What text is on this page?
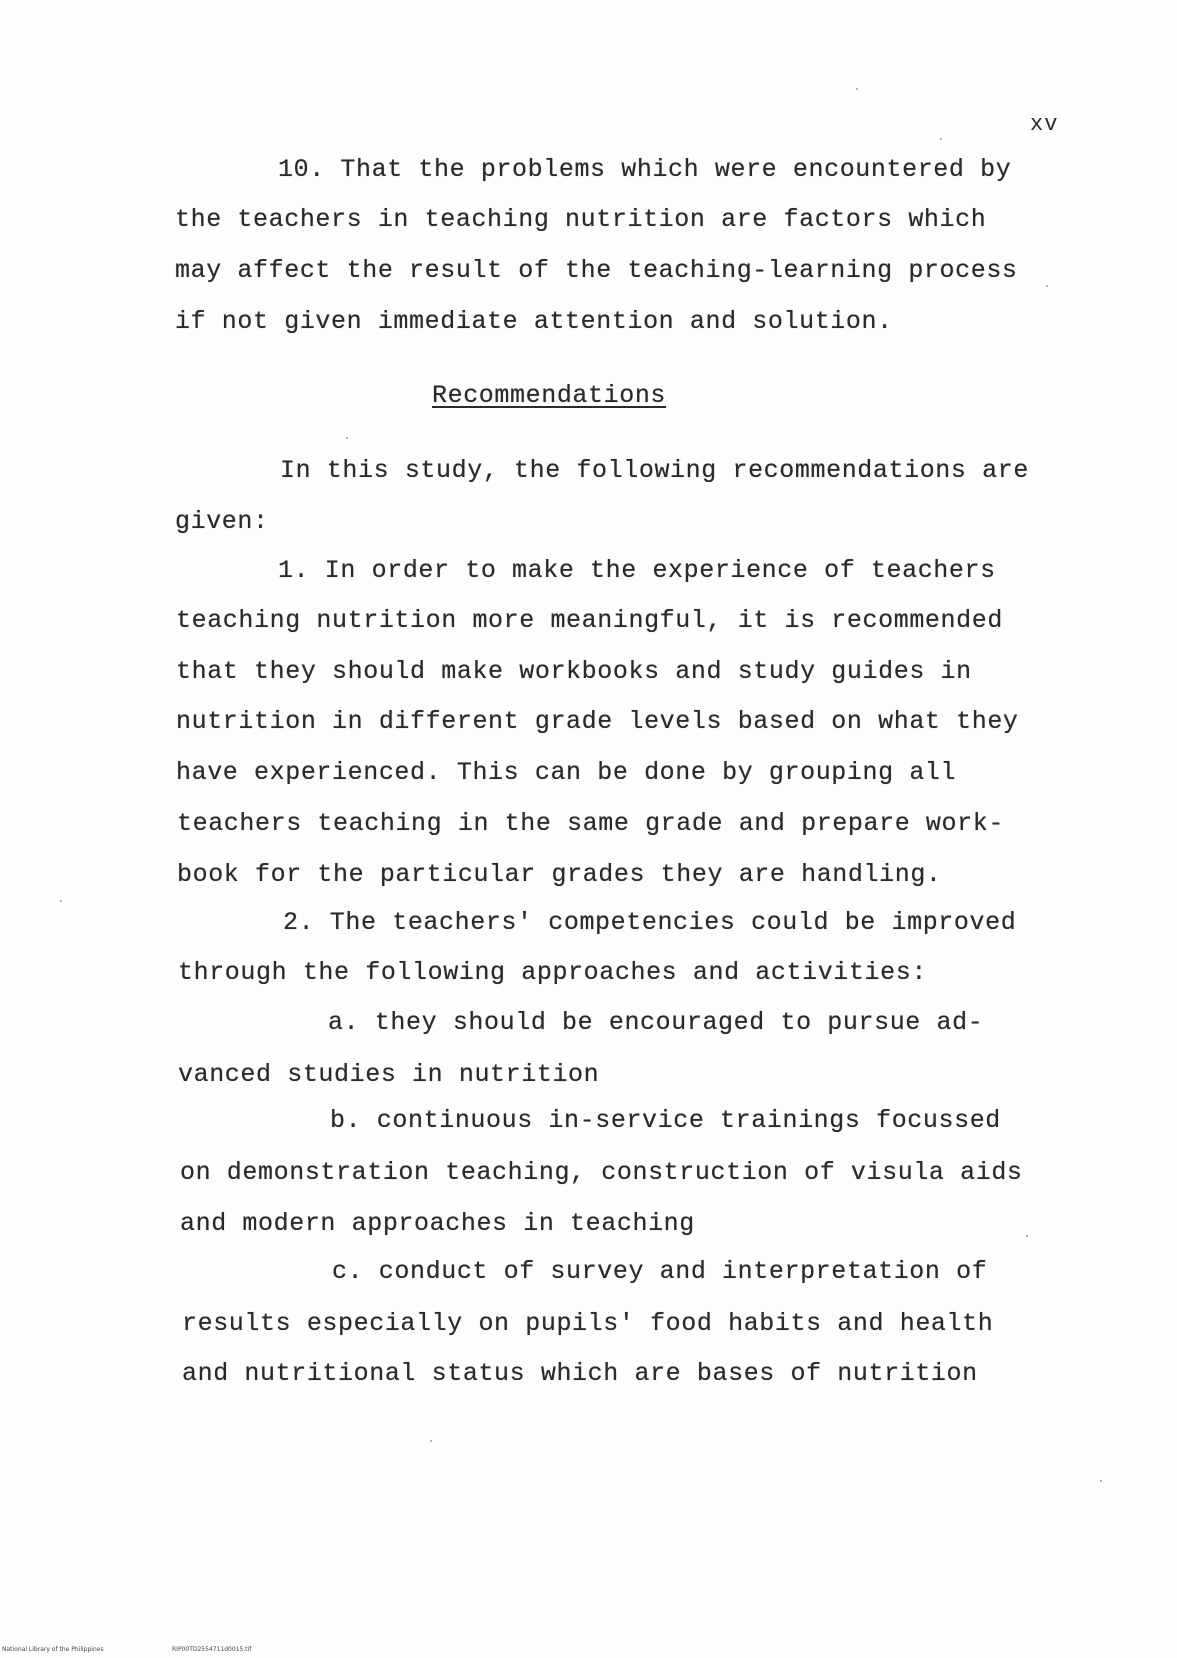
xv
10. That the problems which were encountered by
the teachers in teaching nutrition are factors which
may affect the result of the teaching-learning process
if not given immediate attention and solution.
Recommendations
In this study, the following recommendations are
given:
1. In order to make the experience of teachers
teaching nutrition more meaningful, it is recommended
that they should make workbooks and study guides in
nutrition in different grade levels based on what they
have experienced. This can be done by grouping all
teachers teaching in the same grade and prepare work-
book for the particular grades they are handling.
2. The teachers' competencies could be improved
through the following approaches and activities:
a. they should be encouraged to pursue ad-
vanced studies in nutrition
b. continuous in-service trainings focussed
on demonstration teaching, construction of visula aids
and modern approaches in teaching
c. conduct of survey and interpretation of
results especially on pupils' food habits and health
and nutritional status which are bases of nutrition
National Library of the Philippines	RIP00TD2554711d0015.tif
